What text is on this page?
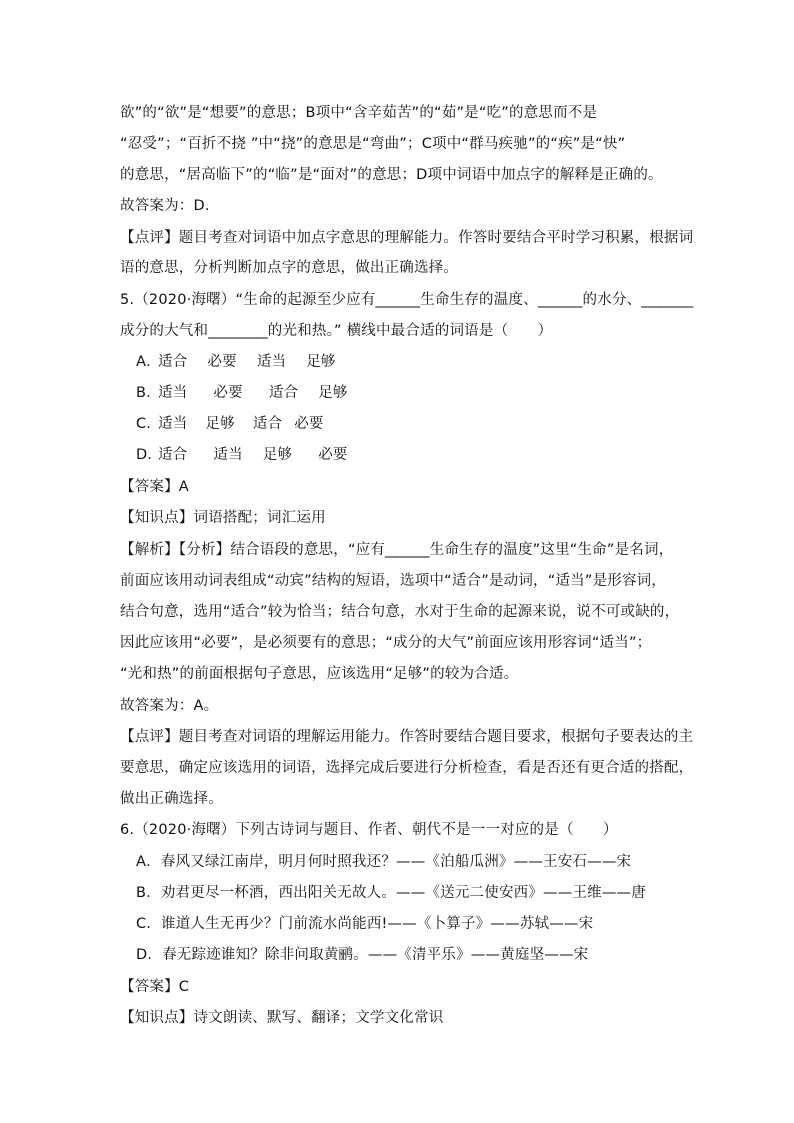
欲”的“欲”是“想要”的意思；B项中“含辛茹苦”的“茹”是“吃”的意思而不是
“忍受”；“百折不挠 ”中“挠”的意思是“弯曲”；C项中“群马疾驰”的“疾”是“快”
的意思，“居高临下”的“临”是“面对”的意思；D项中词语中加点字的解释是正确的。
故答案为：D.
【点评】题目考查对词语中加点字意思的理解能力。作答时要结合平时学习积累，根据词
语的意思，分析判断加点字的意思，做出正确选择。
5.（2020·海曙）“生命的起源至少应有______生命生存的温度、______的水分、_______
成分的大气和________的光和热。” 横线中最合适的词语是（　　）
A．适合 必要 适当 足够
B．适当 必要 适合 足够
C．适当 足够 适合 必要
D．适合 适当 足够 必要
【答案】A
【知识点】词语搭配；词汇运用
【解析】【分析】结合语段的意思，“应有______生命生存的温度”这里“生命”是名词，
前面应该用动词表组成“动宾”结构的短语，选项中“适合”是动词，“适当”是形容词，
结合句意，选用“适合”较为恰当；结合句意，水对于生命的起源来说，说不可或缺的，
因此应该用“必要”，是必须要有的意思；“成分的大气”前面应该用形容词“适当”；
“光和热”的前面根据句子意思，应该选用“足够”的较为合适。
故答案为：A。
【点评】题目考查对词语的理解运用能力。作答时要结合题目要求，根据句子要表达的主
要意思，确定应该选用的词语，选择完成后要进行分析检查，看是否还有更合适的搭配，
做出正确选择。
6.（2020·海曙）下列古诗词与题目、作者、朝代不是一一对应的是（　　）
A．春风又绿江南岸，明月何时照我还？——《泊船瓜洲》——王安石——宋
B．劝君更尽一杯酒，西出阳关无故人。——《送元二使安西》——王维——唐
C．谁道人生无再少？门前流水尚能西!——《卜算子》——苏轼——宋
D．春无踪迹谁知？除非问取黄鹂。——《清平乐》——黄庭坚——宋
【答案】C
【知识点】诗文朗读、默写、翻译；文学文化常识
